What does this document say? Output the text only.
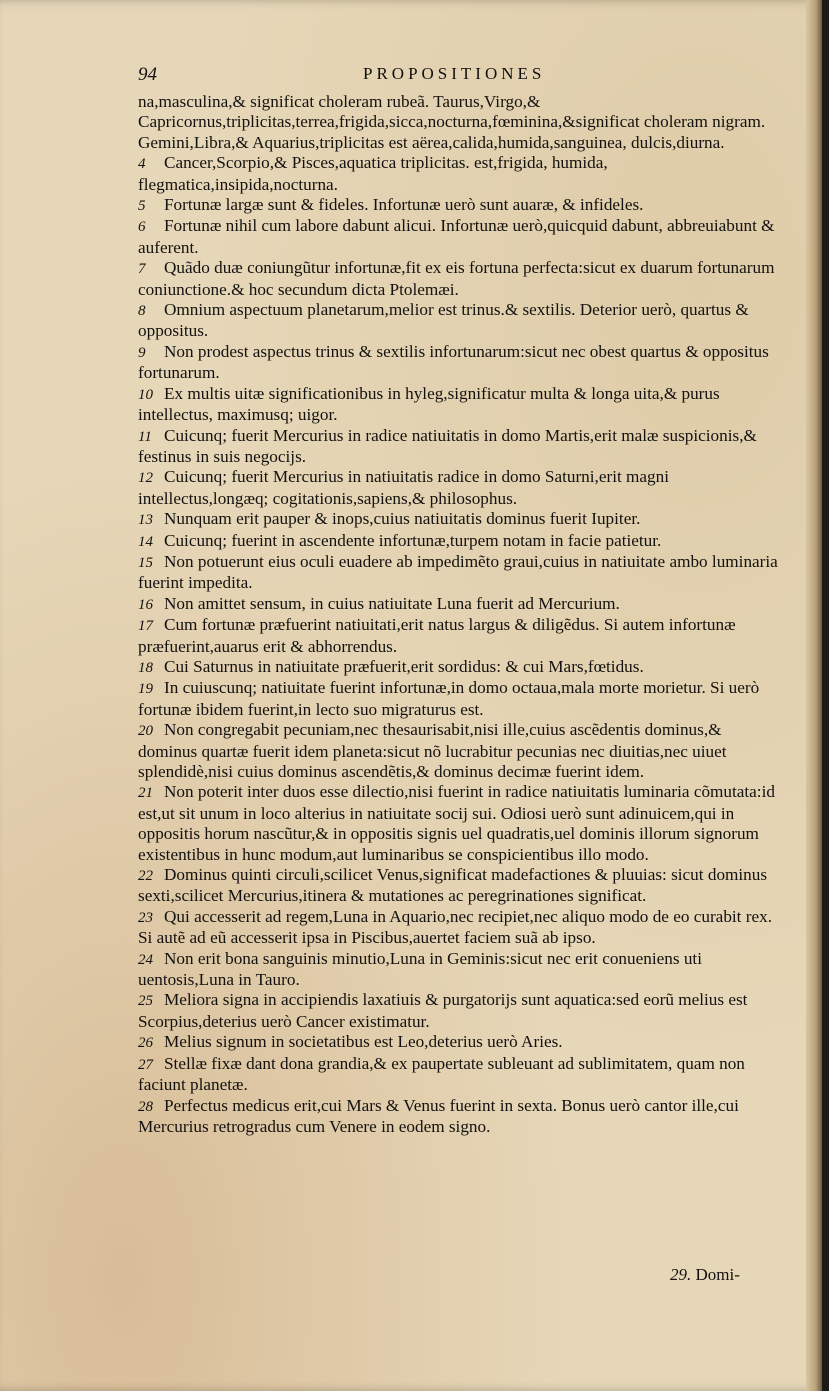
94	PROPOSITIONES

na,masculina,& significat choleram rubeã. Taurus,Virgo,& Capricornus,triplicitas,terrea,frigida,sicca,nocturna,fœminina,&significat choleram nigram. Gemini,Libra,& Aquarius,triplicitas est aërea,calida,humida,sanguinea, dulcis,diurna.

4 Cancer,Scorpio,& Pisces,aquatica triplicitas. est,frigida, humida, flegmatica,insipida,nocturna.

5 Fortunæ largæ sunt & fideles. Infortunæ uerò sunt auaræ, & infideles.

6 Fortunæ nihil cum labore dabunt alicui. Infortunæ uerò,quicquid dabunt, abbreuiabunt & auferent.

7 Quãdo duæ coniungũtur infortunæ,fit ex eis fortuna perfecta:sicut ex duarum fortunarum coniunctione.& hoc secundum dicta Ptolemæi.

8 Omnium aspectuum planetarum,melior est trinus.& sextilis. Deterior uerò, quartus & oppositus.

9 Non prodest aspectus trinus & sextilis infortunarum:sicut nec obest quartus & oppositus fortunarum.

10 Ex multis uitæ significationibus in hyleg,significatur multa & longa uita,& purus intellectus, maximusq; uigor.

11 Cuicunq; fuerit Mercurius in radice natiuitatis in domo Martis,erit malæ suspicionis,& festinus in suis negocijs.

12 Cuicunq; fuerit Mercurius in natiuitatis radice in domo Saturni,erit magni intellectus,longæq; cogitationis,sapiens,& philosophus.

13 Nunquam erit pauper & inops,cuius natiuitatis dominus fuerit Iupiter.

14 Cuicunq; fuerint in ascendente infortunæ,turpem notam in facie patietur.

15 Non potuerunt eius oculi euadere ab impedimẽto graui,cuius in natiuitate ambo luminaria fuerint impedita.

16 Non amittet sensum, in cuius natiuitate Luna fuerit ad Mercurium.

17 Cum fortunæ præfuerint natiuitati,erit natus largus & diligẽdus. Si autem infortunæ præfuerint,auarus erit & abhorrendus.

18 Cui Saturnus in natiuitate præfuerit,erit sordidus: & cui Mars,fœtidus.

19 In cuiuscunq; natiuitate fuerint infortunæ,in domo octaua,mala morte morietur. Si uerò fortunæ ibidem fuerint,in lecto suo migraturus est.

20 Non congregabit pecuniam,nec thesaurisabit,nisi ille,cuius ascẽdentis dominus,& dominus quartæ fuerit idem planeta:sicut nõ lucrabitur pecunias nec diuitias,nec uiuet splendidè,nisi cuius dominus ascendẽtis,& dominus decimæ fuerint idem.

21 Non poterit inter duos esse dilectio,nisi fuerint in radice natiuitatis luminaria cõmutata:id est,ut sit unum in loco alterius in natiuitate socij sui. Odiosi uerò sunt adinuicem,qui in oppositis horum nascũtur,& in oppositis signis uel quadratis,uel dominis illorum signorum existentibus in hunc modum,aut luminaribus se conspicientibus illo modo.

22 Dominus quinti circuli,scilicet Venus,significat madefactiones & pluuias: sicut dominus sexti,scilicet Mercurius,itinera & mutationes ac peregrinationes significat.

23 Qui accesserit ad regem,Luna in Aquario,nec recipiet,nec aliquo modo de eo curabit rex. Si autẽ ad eũ accesserit ipsa in Piscibus,auertet faciem suã ab ipso.

24 Non erit bona sanguinis minutio,Luna in Geminis:sicut nec erit conueniens uti uentosis,Luna in Tauro.

25 Meliora signa in accipiendis laxatiuis & purgatorijs sunt aquatica:sed eorũ melius est Scorpius,deterius uerò Cancer existimatur.

26 Melius signum in societatibus est Leo,deterius uerò Aries.

27 Stellæ fixæ dant dona grandia,& ex paupertate subleuant ad sublimitatem, quam non faciunt planetæ.

28 Perfectus medicus erit,cui Mars & Venus fuerint in sexta. Bonus uerò cantor ille,cui Mercurius retrogradus cum Venere in eodem signo.

29. Domi-
